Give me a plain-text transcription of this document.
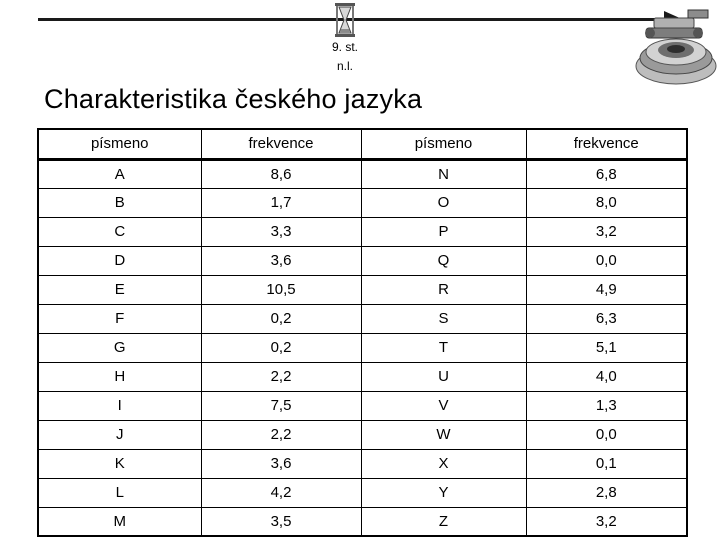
9. st.
n.l.
Charakteristika českého jazyka
písmeno	frekvence	písmeno	frekvence
A	8,6	N	6,8
B	1,7	O	8,0
C	3,3	P	3,2
D	3,6	Q	0,0
E	10,5	R	4,9
F	0,2	S	6,3
G	0,2	T	5,1
H	2,2	U	4,0
I	7,5	V	1,3
J	2,2	W	0,0
K	3,6	X	0,1
L	4,2	Y	2,8
M	3,5	Z	3,2
